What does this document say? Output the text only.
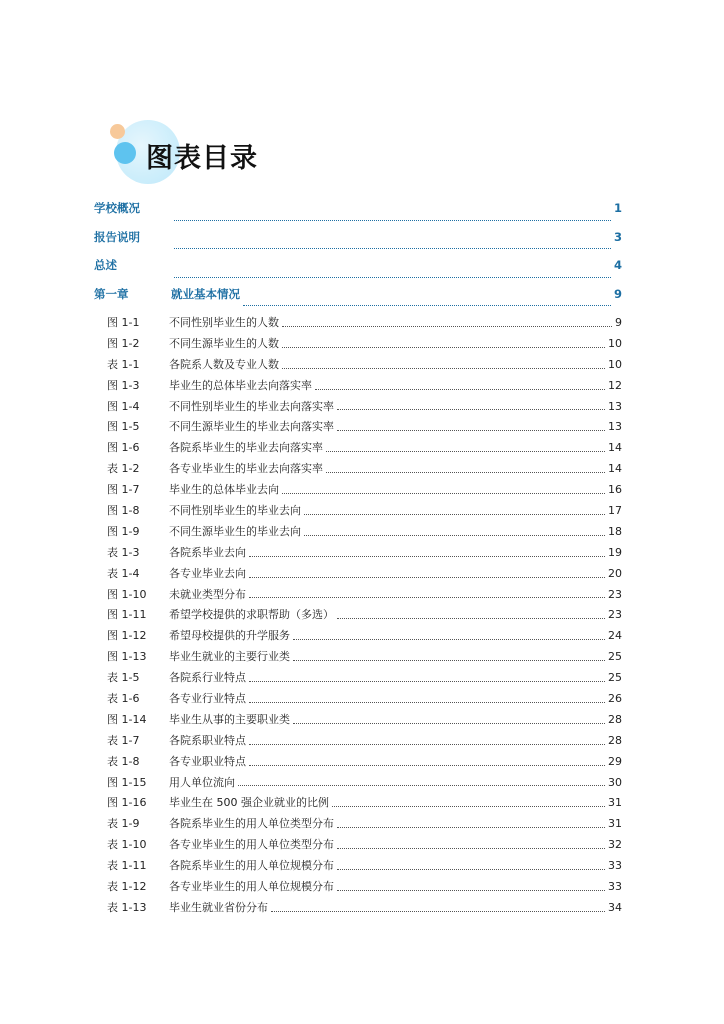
图表目录
学校概况	1
报告说明	3
总述	4
第一章	就业基本情况	9
图 1-1	不同性别毕业生的人数	9
图 1-2	不同生源毕业生的人数	10
表 1-1	各院系人数及专业人数	10
图 1-3	毕业生的总体毕业去向落实率	12
图 1-4	不同性别毕业生的毕业去向落实率	13
图 1-5	不同生源毕业生的毕业去向落实率	13
图 1-6	各院系毕业生的毕业去向落实率	14
表 1-2	各专业毕业生的毕业去向落实率	14
图 1-7	毕业生的总体毕业去向	16
图 1-8	不同性别毕业生的毕业去向	17
图 1-9	不同生源毕业生的毕业去向	18
表 1-3	各院系毕业去向	19
表 1-4	各专业毕业去向	20
图 1-10	未就业类型分布	23
图 1-11	希望学校提供的求职帮助（多选）	23
图 1-12	希望母校提供的升学服务	24
图 1-13	毕业生就业的主要行业类	25
表 1-5	各院系行业特点	25
表 1-6	各专业行业特点	26
图 1-14	毕业生从事的主要职业类	28
表 1-7	各院系职业特点	28
表 1-8	各专业职业特点	29
图 1-15	用人单位流向	30
图 1-16	毕业生在 500 强企业就业的比例	31
表 1-9	各院系毕业生的用人单位类型分布	31
表 1-10	各专业毕业生的用人单位类型分布	32
表 1-11	各院系毕业生的用人单位规模分布	33
表 1-12	各专业毕业生的用人单位规模分布	33
表 1-13	毕业生就业省份分布	34
